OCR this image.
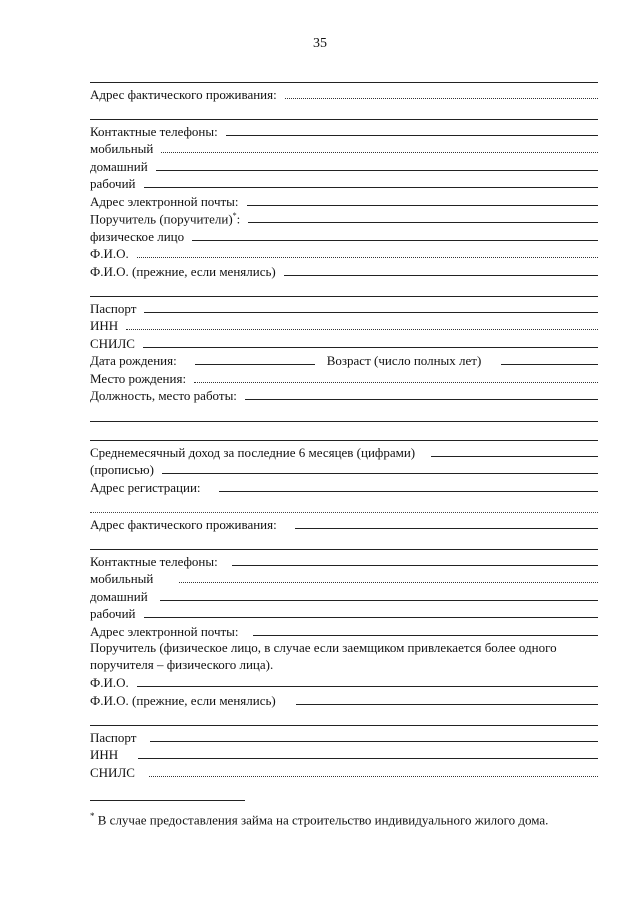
35
Адрес фактического проживания:
Контактные телефоны:
мобильный
домашний
рабочий
Адрес электронной почты:
Поручитель (поручители)*:
физическое лицо
Ф.И.О.
Ф.И.О. (прежние, если менялись)
Паспорт
ИНН
СНИЛС
Дата рождения:	Возраст (число полных лет)
Место рождения:
Должность, место работы:
Среднемесячный доход за последние 6 месяцев (цифрами)
(прописью)
Адрес регистрации:
Адрес фактического проживания:
Контактные телефоны:
мобильный
домашний
рабочий
Адрес электронной почты:
Поручитель (физическое лицо, в случае если заемщиком привлекается более одного поручителя – физического лица).
Ф.И.О.
Ф.И.О. (прежние, если менялись)
Паспорт
ИНН
СНИЛС
* В случае предоставления займа на строительство индивидуального жилого дома.
